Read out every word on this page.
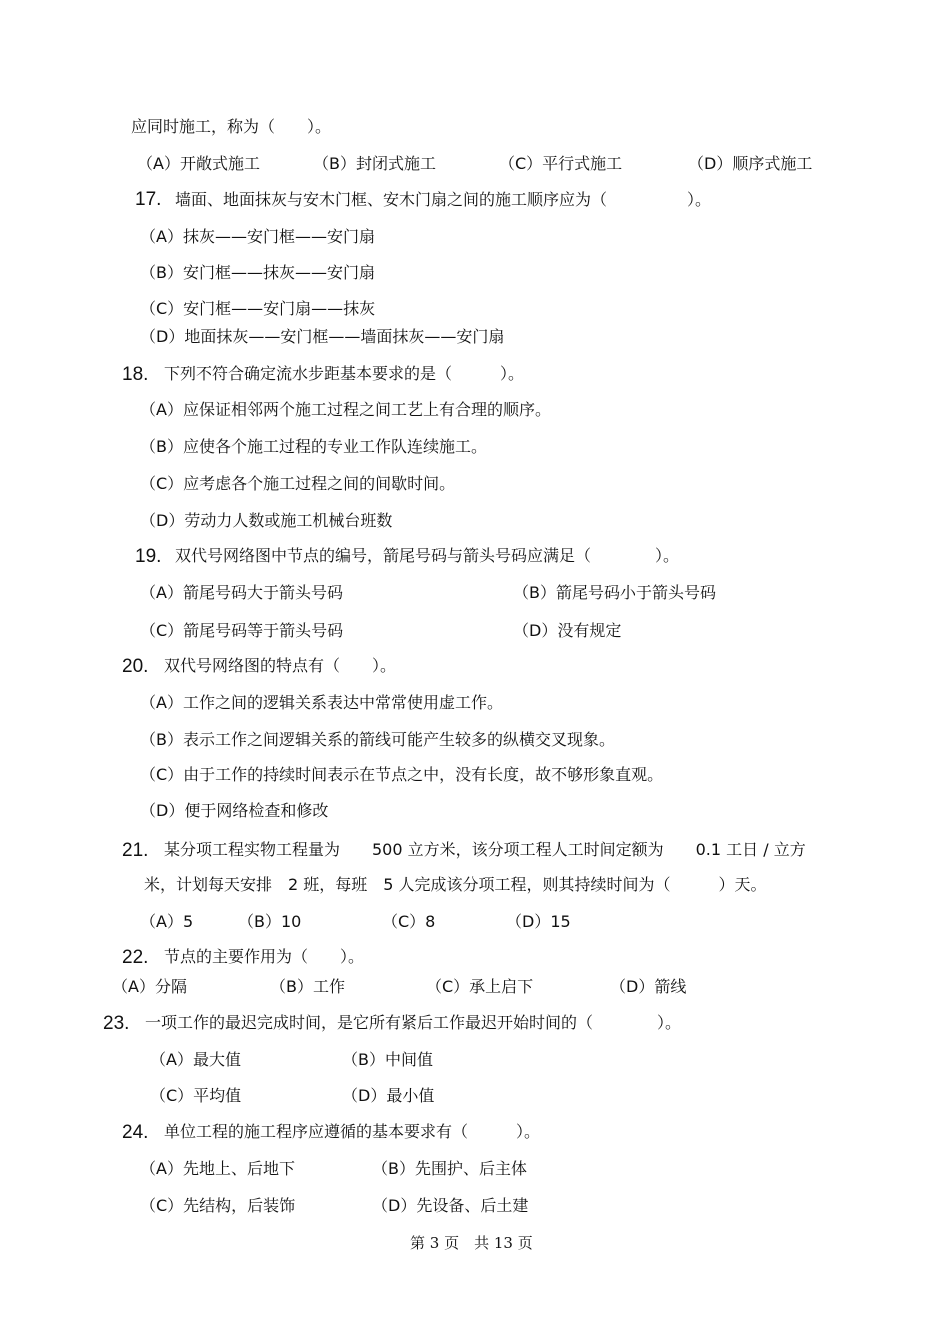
应同时施工，称为（　　）。
（A）开敞式施工	（B）封闭式施工	（C）平行式施工	（D）顺序式施工
17. 墙面、地面抹灰与安木门框、安木门扇之间的施工顺序应为（　　　　　）。
（A）抹灰——安门框——安门扇
（B）安门框——抹灰——安门扇
（C）安门框——安门扇——抹灰
（D）地面抹灰——安门框——墙面抹灰——安门扇
18. 下列不符合确定流水步距基本要求的是（　　　）。
（A）应保证相邻两个施工过程之间工艺上有合理的顺序。
（B）应使各个施工过程的专业工作队连续施工。
（C）应考虑各个施工过程之间的间歇时间。
（D）劳动力人数或施工机械台班数
19. 双代号网络图中节点的编号，箭尾号码与箭头号码应满足（　　　　）。
（A）箭尾号码大于箭头号码	（B）箭尾号码小于箭头号码
（C）箭尾号码等于箭头号码	（D）没有规定
20. 双代号网络图的特点有（　　）。
（A）工作之间的逻辑关系表达中常常使用虚工作。
（B）表示工作之间逻辑关系的箭线可能产生较多的纵横交叉现象。
（C）由于工作的持续时间表示在节点之中，没有长度，故不够形象直观。
（D）便于网络检查和修改
21. 某分项工程实物工程量为　　500 立方米，该分项工程人工时间定额为　　0.1 工日 / 立方
米，计划每天安排　2 班，每班　5 人完成该分项工程，则其持续时间为（　　　）天。
（A）5	（B）10	（C）8	（D）15
22. 节点的主要作用为（　　）。
（A）分隔	（B）工作	（C）承上启下	（D）箭线
23. 一项工作的最迟完成时间，是它所有紧后工作最迟开始时间的（　　　　）。
（A）最大值	（B）中间值
（C）平均值	（D）最小值
24. 单位工程的施工程序应遵循的基本要求有（　　　）。
（A）先地上、后地下	（B）先围护、后主体
（C）先结构，后装饰	（D）先设备、后土建
第 3 页　共 13 页
